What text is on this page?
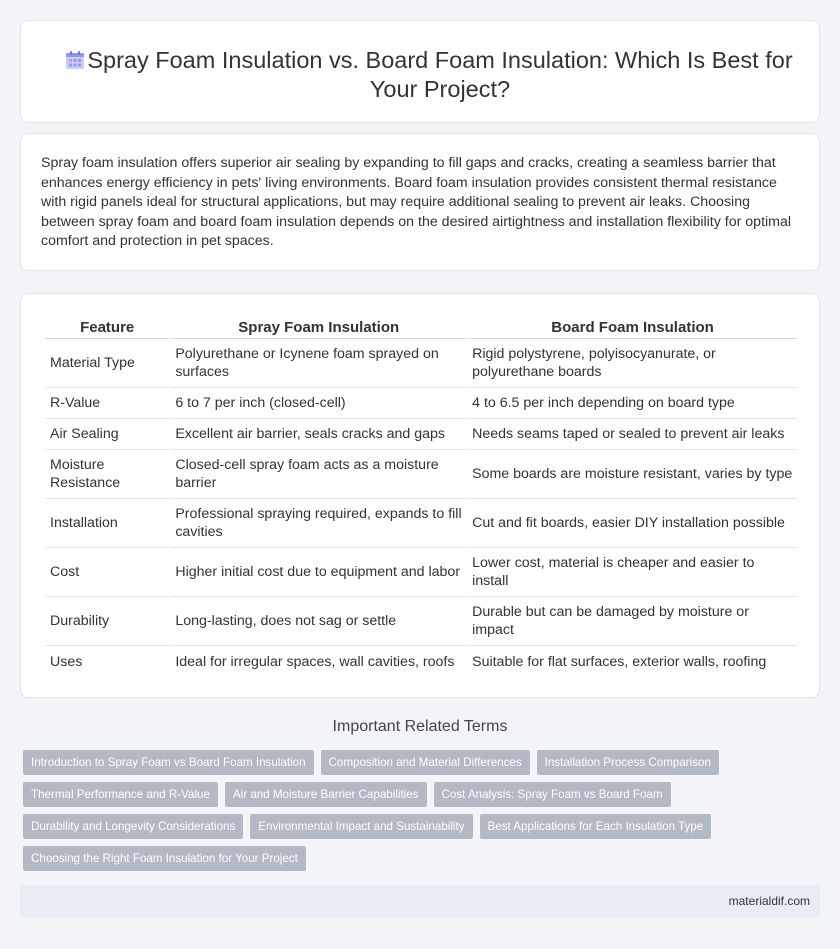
Spray Foam Insulation vs. Board Foam Insulation: Which Is Best for Your Project?

Spray foam insulation offers superior air sealing by expanding to fill gaps and cracks, creating a seamless barrier that enhances energy efficiency in pets' living environments. Board foam insulation provides consistent thermal resistance with rigid panels ideal for structural applications, but may require additional sealing to prevent air leaks. Choosing between spray foam and board foam insulation depends on the desired airtightness and installation flexibility for optimal comfort and protection in pet spaces.

Feature	Spray Foam Insulation	Board Foam Insulation
Material Type	Polyurethane or Icynene foam sprayed on surfaces	Rigid polystyrene, polyisocyanurate, or polyurethane boards
R-Value	6 to 7 per inch (closed-cell)	4 to 6.5 per inch depending on board type
Air Sealing	Excellent air barrier, seals cracks and gaps	Needs seams taped or sealed to prevent air leaks
Moisture Resistance	Closed-cell spray foam acts as a moisture barrier	Some boards are moisture resistant, varies by type
Installation	Professional spraying required, expands to fill cavities	Cut and fit boards, easier DIY installation possible
Cost	Higher initial cost due to equipment and labor	Lower cost, material is cheaper and easier to install
Durability	Long-lasting, does not sag or settle	Durable but can be damaged by moisture or impact
Uses	Ideal for irregular spaces, wall cavities, roofs	Suitable for flat surfaces, exterior walls, roofing
Important Related Terms
Introduction to Spray Foam vs Board Foam Insulation	Composition and Material Differences	Installation Process Comparison
Thermal Performance and R-Value	Air and Moisture Barrier Capabilities	Cost Analysis: Spray Foam vs Board Foam
Durability and Longevity Considerations	Environmental Impact and Sustainability	Best Applications for Each Insulation Type
Choosing the Right Foam Insulation for Your Project
materialdif.com
